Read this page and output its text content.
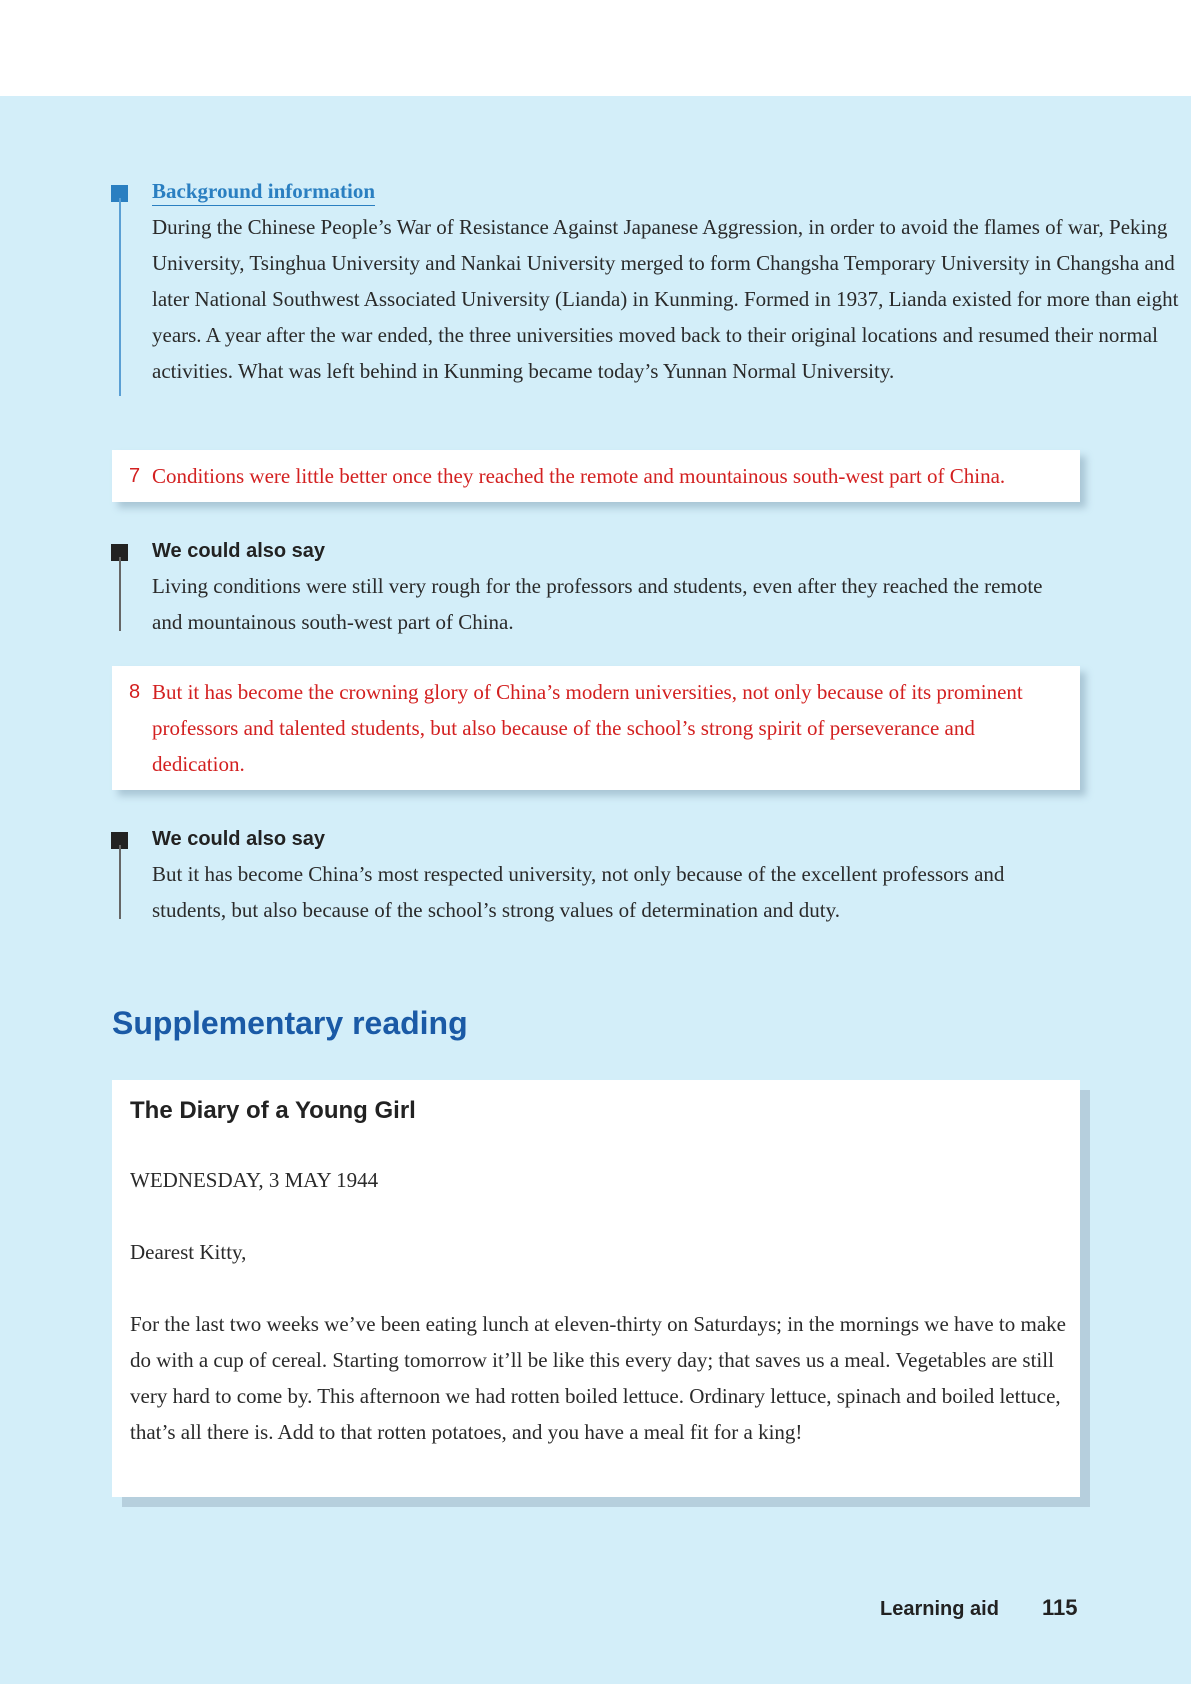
Background information
During the Chinese People’s War of Resistance Against Japanese Aggression, in order to avoid the flames of war, Peking University, Tsinghua University and Nankai University merged to form Changsha Temporary University in Changsha and later National Southwest Associated University (Lianda) in Kunming. Formed in 1937, Lianda existed for more than eight years. A year after the war ended, the three universities moved back to their original locations and resumed their normal activities. What was left behind in Kunming became today’s Yunnan Normal University.
7 Conditions were little better once they reached the remote and mountainous south-west part of China.
We could also say
Living conditions were still very rough for the professors and students, even after they reached the remote and mountainous south-west part of China.
8 But it has become the crowning glory of China’s modern universities, not only because of its prominent professors and talented students, but also because of the school’s strong spirit of perseverance and dedication.
We could also say
But it has become China’s most respected university, not only because of the excellent professors and students, but also because of the school’s strong values of determination and duty.
Supplementary reading
The Diary of a Young Girl
WEDNESDAY, 3 MAY 1944
Dearest Kitty,
For the last two weeks we’ve been eating lunch at eleven-thirty on Saturdays; in the mornings we have to make do with a cup of cereal. Starting tomorrow it’ll be like this every day; that saves us a meal. Vegetables are still very hard to come by. This afternoon we had rotten boiled lettuce. Ordinary lettuce, spinach and boiled lettuce, that’s all there is. Add to that rotten potatoes, and you have a meal fit for a king!
Learning aid 115
